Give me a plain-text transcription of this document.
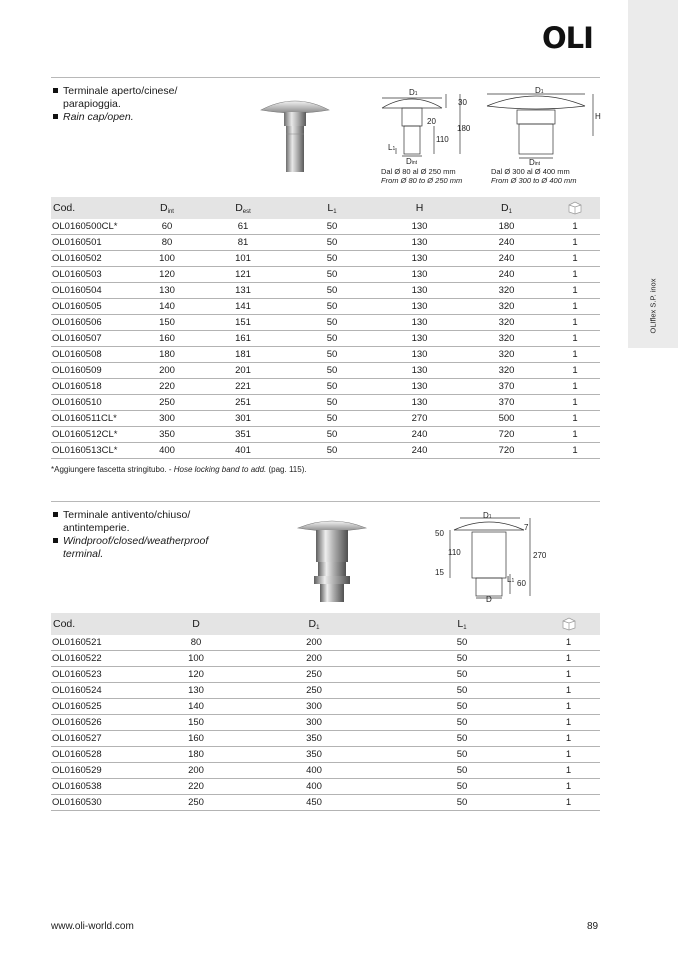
OLIflex S.P. inox
OLI
Terminale aperto/cinese/ parapioggia.
Rain cap/open.
D1
30
20
180
110
L1
Dint
Dal Ø 80 al Ø 250 mm
From Ø 80 to Ø 250 mm
D1
H
Dint
Dal Ø 300 al Ø 400 mm
From Ø 300 to Ø 400 mm
Cod.	$D_{int}$	$D_{est}$	$L_1$	H	$D_1$	
OL0160500CL*	60	61	50	130	180	1
OL0160501	80	81	50	130	240	1
OL0160502	100	101	50	130	240	1
OL0160503	120	121	50	130	240	1
OL0160504	130	131	50	130	320	1
OL0160505	140	141	50	130	320	1
OL0160506	150	151	50	130	320	1
OL0160507	160	161	50	130	320	1
OL0160508	180	181	50	130	320	1
OL0160509	200	201	50	130	320	1
OL0160518	220	221	50	130	370	1
OL0160510	250	251	50	130	370	1
OL0160511CL*	300	301	50	270	500	1
OL0160512CL*	350	351	50	240	720	1
OL0160513CL*	400	401	50	240	720	1
*Aggiungere fascetta stringitubo. - Hose locking band to add. (pag. 115).
Terminale antivento/chiuso/ antintemperie.
Windproof/closed/weatherproof terminal.
D1
7
50
110	270
15
L1 60
D
Cod.	D	$D_1$	$L_1$	
OL0160521	80	200	50	1
OL0160522	100	200	50	1
OL0160523	120	250	50	1
OL0160524	130	250	50	1
OL0160525	140	300	50	1
OL0160526	150	300	50	1
OL0160527	160	350	50	1
OL0160528	180	350	50	1
OL0160529	200	400	50	1
OL0160538	220	400	50	1
OL0160530	250	450	50	1
www.oli-world.com	89
